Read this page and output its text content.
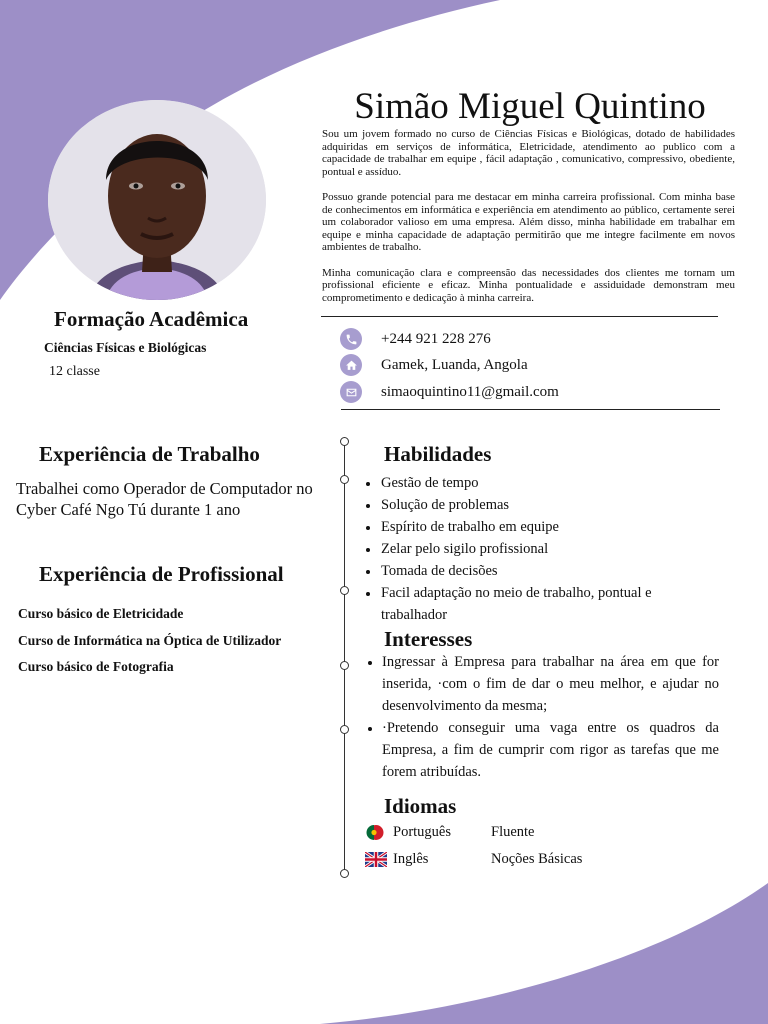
Simão Miguel Quintino

Sou um jovem formado no curso de Ciências Físicas e Biológicas, dotado de habilidades adquiridas em serviços de informática, Eletricidade, atendimento ao publico com a capacidade de trabalhar em equipe , fácil adaptação , comunicativo, compressivo, obediente, pontual e assíduo.

Possuo grande potencial para me destacar em minha carreira profissional. Com minha base de conhecimentos em informática e experiência em atendimento ao público, certamente serei um colaborador valioso em uma empresa. Além disso, minha habilidade em trabalhar em equipe e minha capacidade de adaptação permitirão que me integre facilmente em novos ambientes de trabalho.

Minha comunicação clara e compreensão das necessidades dos clientes me tornam um profissional eficiente e eficaz. Minha pontualidade e assiduidade demonstram meu comprometimento e dedicação à minha carreira.

+244 921 228 276
Gamek, Luanda, Angola
simaoquintino11@gmail.com
Formação Acadêmica
Ciências Físicas e Biológicas
12 classe
Experiência de Trabalho
Trabalhei como Operador de Computador no Cyber Café Ngo Tú durante 1 ano
Experiência de Profissional
Curso básico de Eletricidade
Curso de Informática na Óptica de Utilizador
Curso básico de Fotografia
Habilidades
Gestão de tempo
Solução de problemas
Espírito de trabalho em equipe
Zelar pelo sigilo profissional
Tomada de decisões
Facil adaptação no meio de trabalho, pontual e trabalhador
Interesses
Ingressar à Empresa para trabalhar na área em que for inserida, ·com o fim de dar o meu melhor, e ajudar no desenvolvimento da mesma;
·Pretendo conseguir uma vaga entre os quadros da Empresa, a fim de cumprir com rigor as tarefas que me forem atribuídas.
Idiomas
Português	Fluente
Inglês	Noções Básicas
